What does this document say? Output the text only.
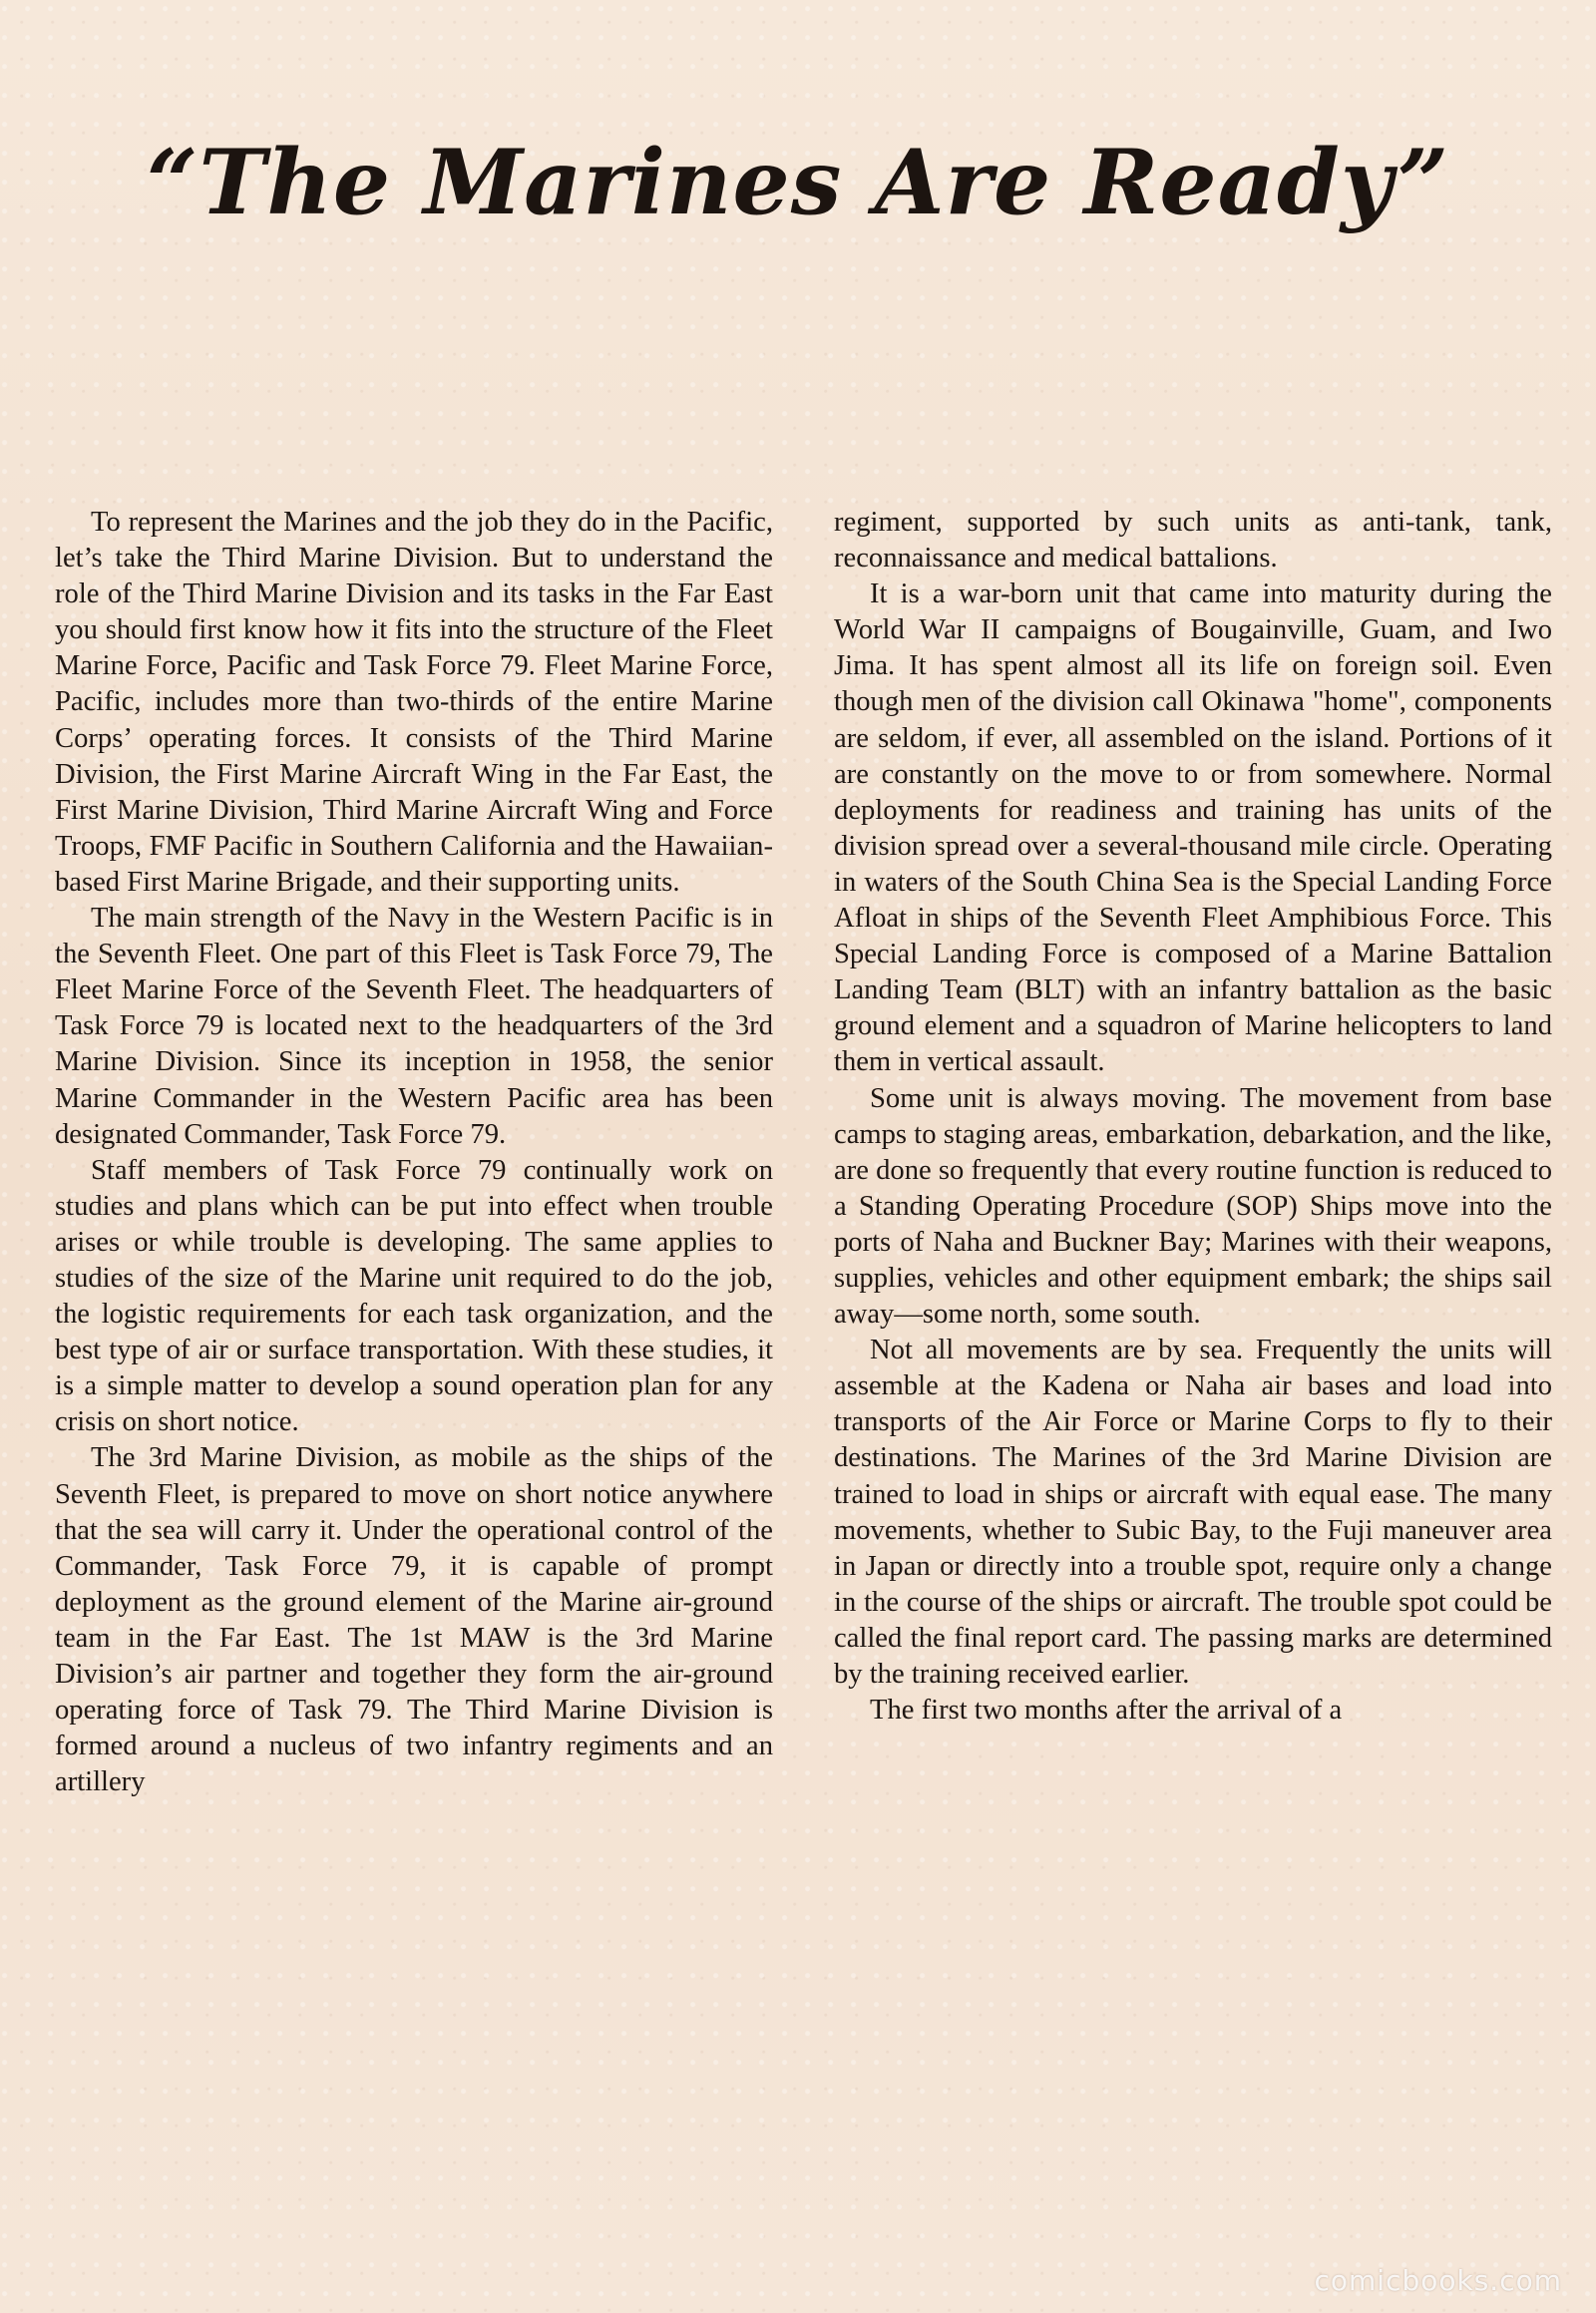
“The Marines Are Ready”

To represent the Marines and the job they do in the Pacific, let’s take the Third Marine Division. But to understand the role of the Third Marine Division and its tasks in the Far East you should first know how it fits into the structure of the Fleet Marine Force, Pacific and Task Force 79. Fleet Marine Force, Pacific, includes more than two-thirds of the entire Marine Corps’ operating forces. It consists of the Third Marine Division, the First Marine Aircraft Wing in the Far East, the First Marine Division, Third Marine Aircraft Wing and Force Troops, FMF Pacific in Southern California and the Hawaiian-based First Marine Brigade, and their supporting units.

The main strength of the Navy in the Western Pacific is in the Seventh Fleet. One part of this Fleet is Task Force 79, The Fleet Marine Force of the Seventh Fleet. The headquarters of Task Force 79 is located next to the headquarters of the 3rd Marine Division. Since its inception in 1958, the senior Marine Commander in the Western Pacific area has been designated Commander, Task Force 79.

Staff members of Task Force 79 continually work on studies and plans which can be put into effect when trouble arises or while trouble is developing. The same applies to studies of the size of the Marine unit required to do the job, the logistic requirements for each task organization, and the best type of air or surface transportation. With these studies, it is a simple matter to develop a sound operation plan for any crisis on short notice.

The 3rd Marine Division, as mobile as the ships of the Seventh Fleet, is prepared to move on short notice anywhere that the sea will carry it. Under the operational control of the Commander, Task Force 79, it is capable of prompt deployment as the ground element of the Marine air-ground team in the Far East. The 1st MAW is the 3rd Marine Division’s air partner and together they form the air-ground operating force of Task 79. The Third Marine Division is formed around a nucleus of two infantry regiments and an artillery

regiment, supported by such units as anti-tank, tank, reconnaissance and medical battalions.

It is a war-born unit that came into maturity during the World War II campaigns of Bougainville, Guam, and Iwo Jima. It has spent almost all its life on foreign soil. Even though men of the division call Okinawa "home", components are seldom, if ever, all assembled on the island. Portions of it are constantly on the move to or from somewhere. Normal deployments for readiness and training has units of the division spread over a several-thousand mile circle. Operating in waters of the South China Sea is the Special Landing Force Afloat in ships of the Seventh Fleet Amphibious Force. This Special Landing Force is composed of a Marine Battalion Landing Team (BLT) with an infantry battalion as the basic ground element and a squadron of Marine helicopters to land them in vertical assault.

Some unit is always moving. The movement from base camps to staging areas, embarkation, debarkation, and the like, are done so frequently that every routine function is reduced to a Standing Operating Procedure (SOP) Ships move into the ports of Naha and Buckner Bay; Marines with their weapons, supplies, vehicles and other equipment embark; the ships sail away—some north, some south.

Not all movements are by sea. Frequently the units will assemble at the Kadena or Naha air bases and load into transports of the Air Force or Marine Corps to fly to their destinations. The Marines of the 3rd Marine Division are trained to load in ships or aircraft with equal ease. The many movements, whether to Subic Bay, to the Fuji maneuver area in Japan or directly into a trouble spot, require only a change in the course of the ships or aircraft. The trouble spot could be called the final report card. The passing marks are determined by the training received earlier.

The first two months after the arrival of a

comicbooks.com
